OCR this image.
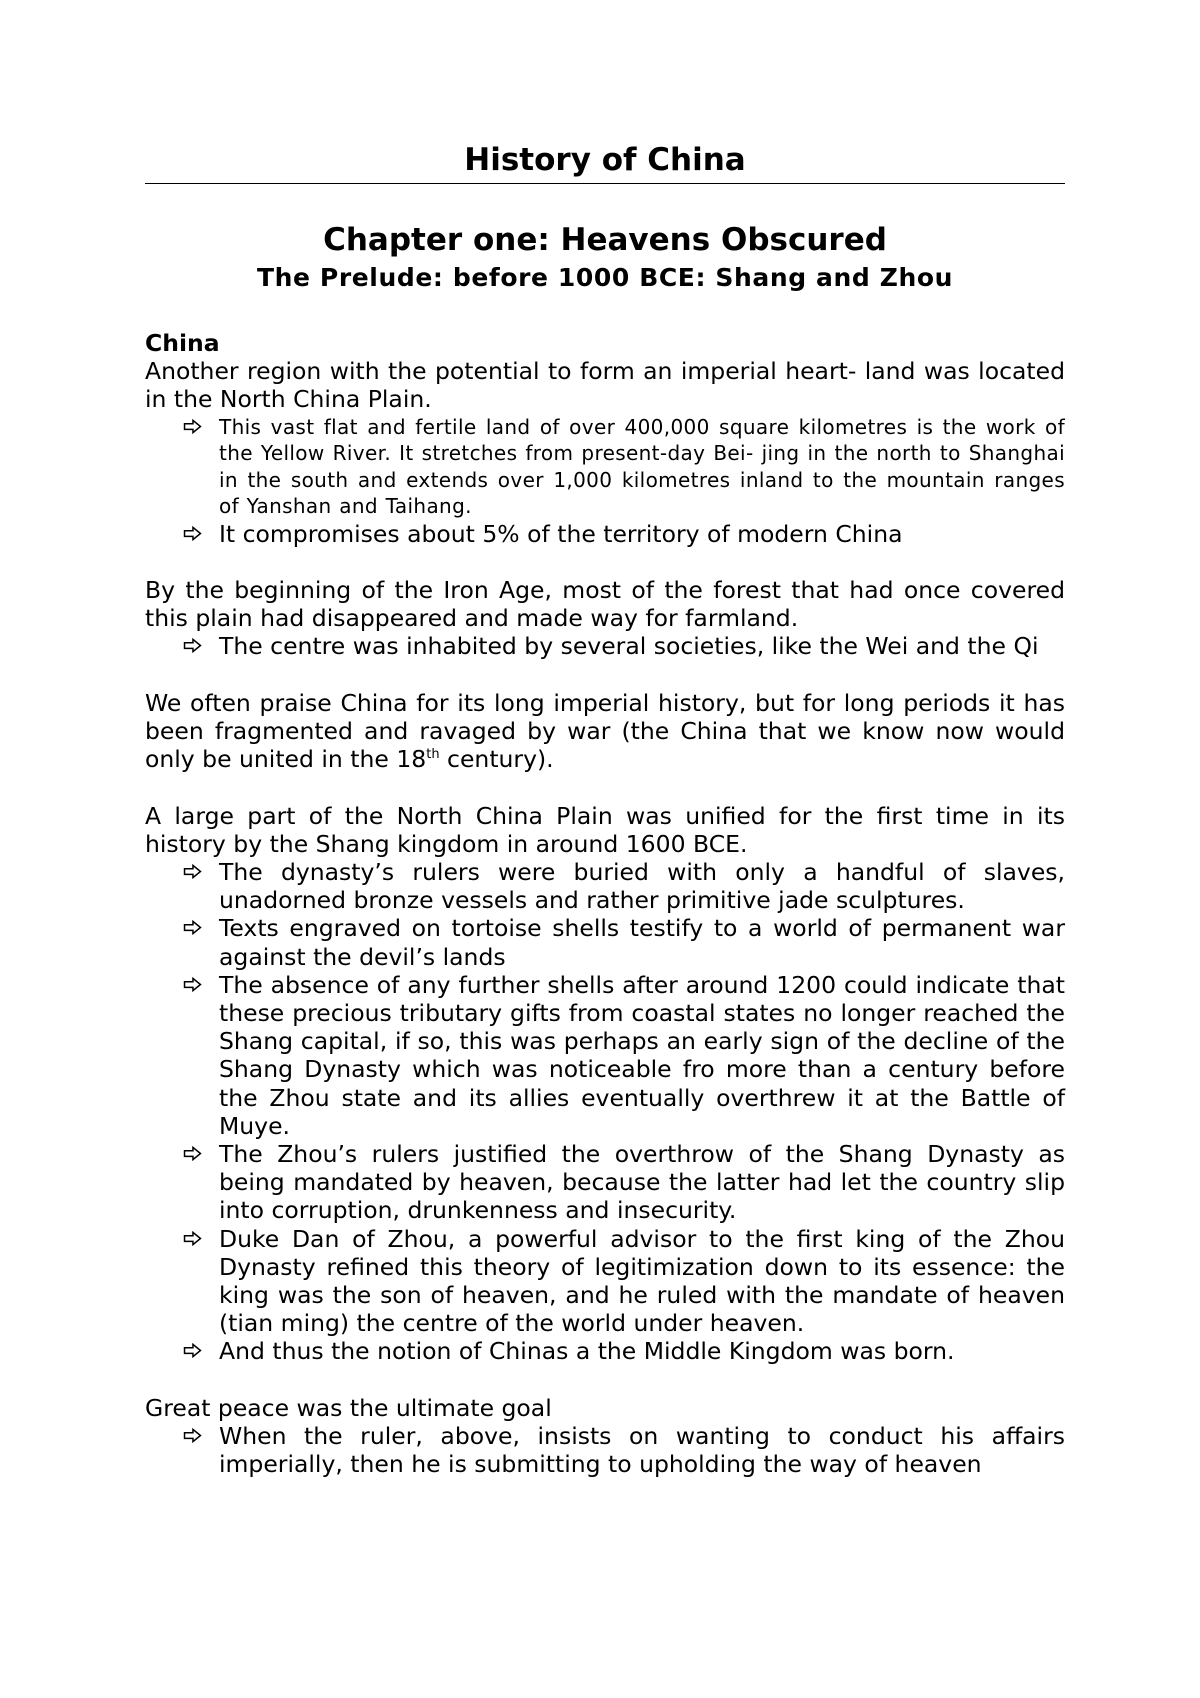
History of China
Chapter one: Heavens Obscured
The Prelude: before 1000 BCE: Shang and Zhou

China

Another region with the potential to form an imperial heart- land was located in the North China Plain.

This vast flat and fertile land of over 400,000 square kilometres is the work of the Yellow River. It stretches from present-day Bei- jing in the north to Shanghai in the south and extends over 1,000 kilometres inland to the mountain ranges of Yanshan and Taihang.
It compromises about 5% of the territory of modern China

By the beginning of the Iron Age, most of the forest that had once covered this plain had disappeared and made way for farmland.

The centre was inhabited by several societies, like the Wei and the Qi

We often praise China for its long imperial history, but for long periods it has been fragmented and ravaged by war (the China that we know now would only be united in the 18th century).

A large part of the North China Plain was unified for the first time in its history by the Shang kingdom in around 1600 BCE.

The dynasty’s rulers were buried with only a handful of slaves, unadorned bronze vessels and rather primitive jade sculptures.
Texts engraved on tortoise shells testify to a world of permanent war against the devil’s lands
The absence of any further shells after around 1200 could indicate that these precious tributary gifts from coastal states no longer reached the Shang capital, if so, this was perhaps an early sign of the decline of the Shang Dynasty which was noticeable fro more than a century before the Zhou state and its allies eventually overthrew it at the Battle of Muye.
The Zhou’s rulers justified the overthrow of the Shang Dynasty as being mandated by heaven, because the latter had let the country slip into corruption, drunkenness and insecurity.
Duke Dan of Zhou, a powerful advisor to the first king of the Zhou Dynasty refined this theory of legitimization down to its essence: the king was the son of heaven, and he ruled with the mandate of heaven (tian ming) the centre of the world under heaven.
And thus the notion of Chinas a the Middle Kingdom was born.

Great peace was the ultimate goal

When the ruler, above, insists on wanting to conduct his affairs imperially, then he is submitting to upholding the way of heaven
